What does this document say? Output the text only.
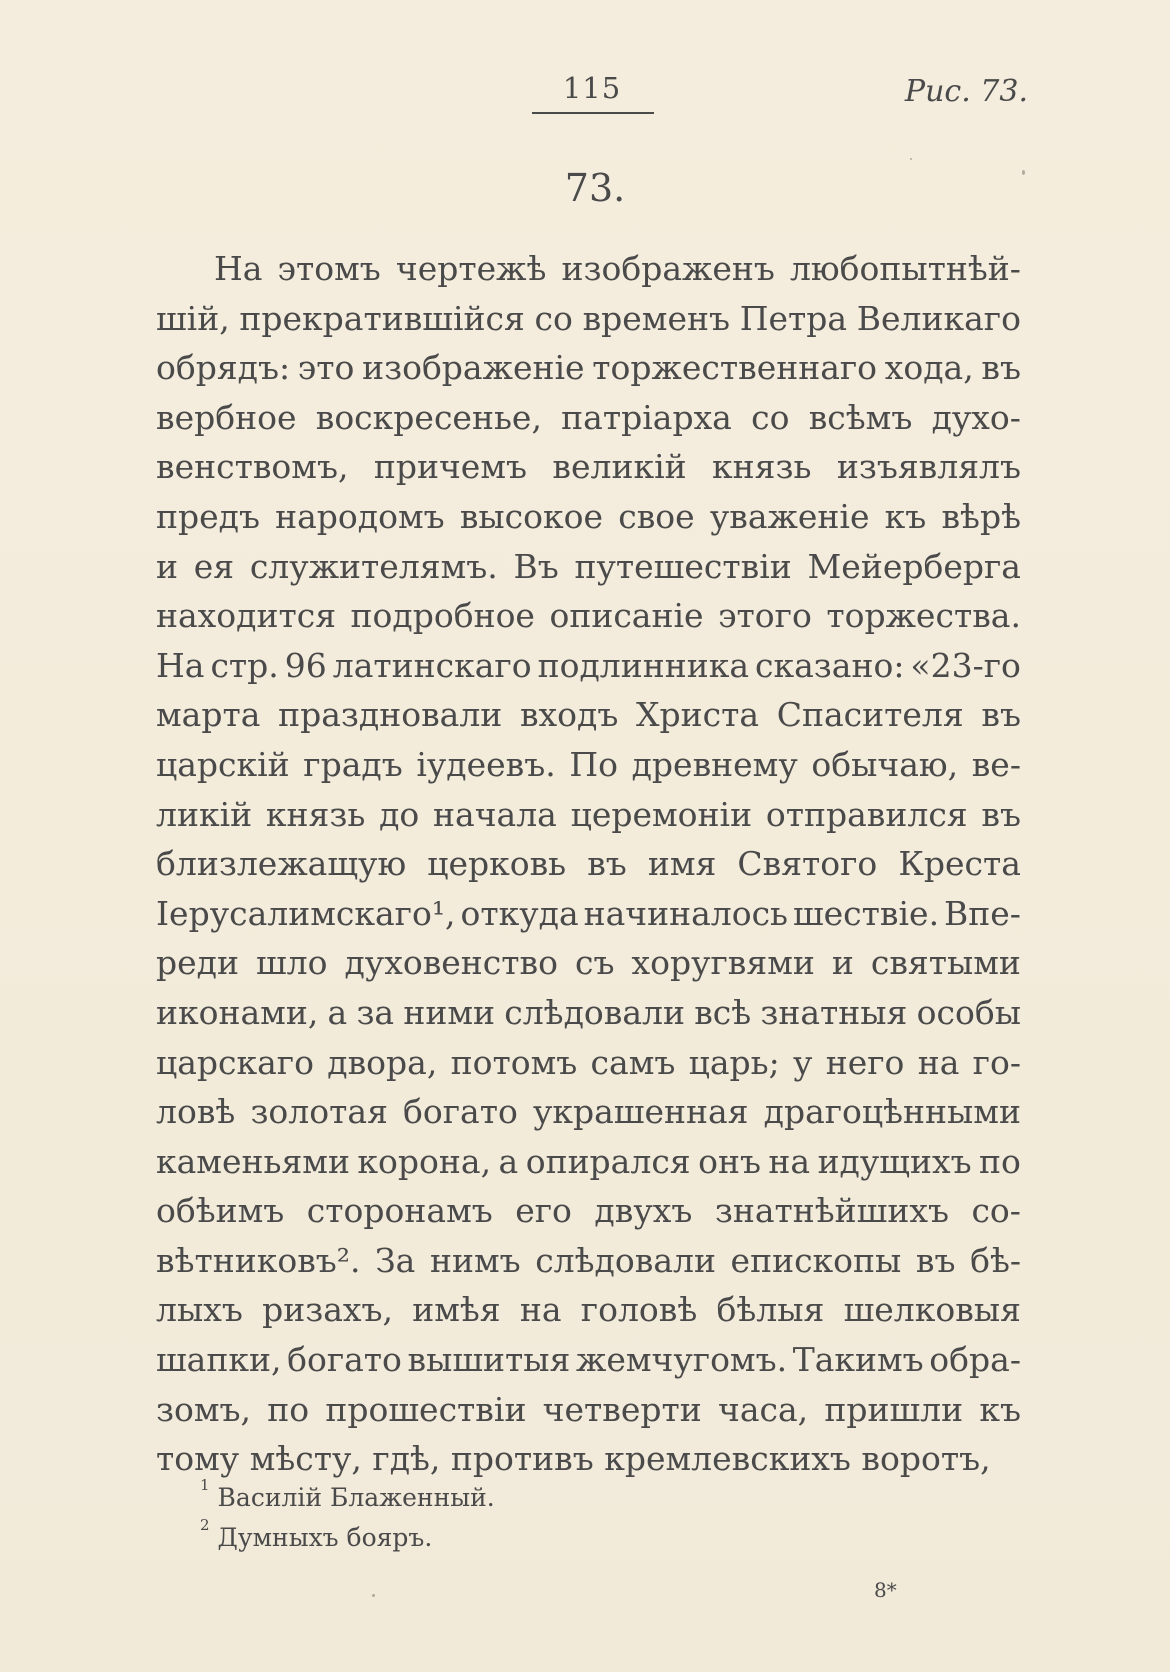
115	Рис. 73.
73.
На этомъ чертежѣ изображенъ любопытнѣй-
шій, прекратившійся со временъ Петра Великаго
обрядъ: это изображеніе торжественнаго хода, въ
вербное воскресенье, патріарха со всѣмъ духо-
венствомъ, причемъ великій князь изъявлялъ
предъ народомъ высокое свое уваженіе къ вѣрѣ
и ея служителямъ. Въ путешествіи Мейерберга
находится подробное описаніе этого торжества.
На стр. 96 латинскаго подлинника сказано: «23-го
марта праздновали входъ Христа Спасителя въ
царскій градъ іудеевъ. По древнему обычаю, ве-
ликій князь до начала церемоніи отправился въ
близлежащую церковь въ имя Святого Креста
Іерусалимскаго¹, откуда начиналось шествіе. Впе-
реди шло духовенство съ хоругвями и святыми
иконами, а за ними слѣдовали всѣ знатныя особы
царскаго двора, потомъ самъ царь; у него на го-
ловѣ золотая богато украшенная драгоцѣнными
каменьями корона, а опирался онъ на идущихъ по
обѣимъ сторонамъ его двухъ знатнѣйшихъ со-
вѣтниковъ². За нимъ слѣдовали епископы въ бѣ-
лыхъ ризахъ, имѣя на головѣ бѣлыя шелковыя
шапки, богато вышитыя жемчугомъ. Такимъ обра-
зомъ, по прошествіи четверти часа, пришли къ
тому мѣсту, гдѣ, противъ кремлевскихъ воротъ,
$^1$ Василій Блаженный.
$^2$ Думныхъ бояръ.
8*
